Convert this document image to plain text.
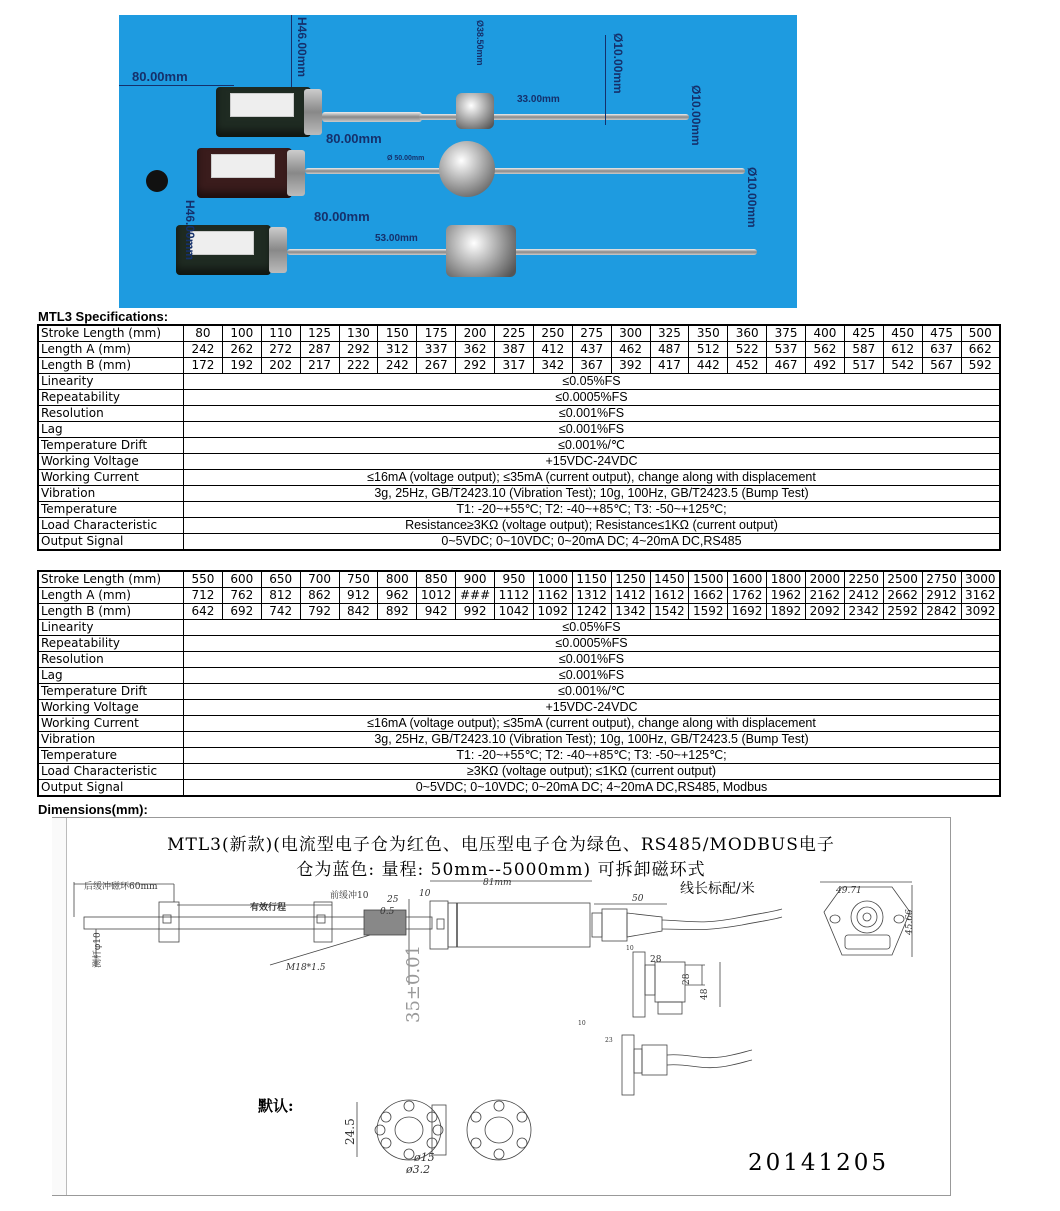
80.00mm	H46.00mm	Ø38.50mm
33.00mm
Ø10.00mm
80.00mm
Ø 50.00mm
Ø10.00mm
80.00mm
H46.00mm	53.00mm
Ø10.00mm
MTL3 Specifications:
Stroke Length (mm)	80	100	110	125	130	150	175	200	225	250	275	300	325	350	360	375	400	425	450	475	500
Length A (mm)	242	262	272	287	292	312	337	362	387	412	437	462	487	512	522	537	562	587	612	637	662
Length B (mm)	172	192	202	217	222	242	267	292	317	342	367	392	417	442	452	467	492	517	542	567	592
Linearity	≤0.05%FS																				
Repeatability	≤0.0005%FS																				
Resolution	≤0.001%FS																				
Lag	≤0.001%FS																				
Temperature Drift	≤0.001%/℃																				
Working Voltage	+15VDC-24VDC																				
Working Current	≤16mA (voltage output); ≤35mA (current output), change along with displacement																				
Vibration	3g, 25Hz, GB/T2423.10 (Vibration Test); 10g, 100Hz, GB/T2423.5 (Bump Test)																				
Temperature	T1: -20~+55℃; T2: -40~+85℃; T3: -50~+125℃;																				
Load Characteristic	Resistance≥3KΩ (voltage output); Resistance≤1KΩ (current output)																				
Output Signal	0~5VDC; 0~10VDC; 0~20mA DC; 4~20mA DC,RS485																				
Stroke Length (mm)	550	600	650	700	750	800	850	900	950	1000	1150	1250	1450	1500	1600	1800	2000	2250	2500	2750	3000
Length A (mm)	712	762	812	862	912	962	1012	###	1112	1162	1312	1412	1612	1662	1762	1962	2162	2412	2662	2912	3162
Length B (mm)	642	692	742	792	842	892	942	992	1042	1092	1242	1342	1542	1592	1692	1892	2092	2342	2592	2842	3092
Linearity	≤0.05%FS																				
Repeatability	≤0.0005%FS																				
Resolution	≤0.001%FS																				
Lag	≤0.001%FS																				
Temperature Drift	≤0.001%/℃																				
Working Voltage	+15VDC-24VDC																				
Working Current	≤16mA (voltage output); ≤35mA (current output), change along with displacement																				
Vibration	3g, 25Hz, GB/T2423.10 (Vibration Test); 10g, 100Hz, GB/T2423.5 (Bump Test)																				
Temperature	T1: -20~+55℃; T2: -40~+85℃; T3: -50~+125℃;																				
Load Characteristic	≥3KΩ (voltage output); ≤1KΩ (current output)																				
Output Signal	0~5VDC; 0~10VDC; 0~20mA DC; 4~20mA DC,RS485, Modbus																				
Dimensions(mm):
MTL3(新款)(电流型电子仓为红色、电压型电子仓为绿色、RS485/MODBUS电子
仓为蓝色: 量程: 50mm--5000mm) 可拆卸磁环式
后缓冲磁环60mm
有效行程
前缓冲10
测杆φ10	M18*1.5
25
10
0.5
81mm
35±0.01
50
线长标配/米	49.71
45.66
10
28
28
48
10
23
默认:
24.5
ø15
ø3.2	20141205
